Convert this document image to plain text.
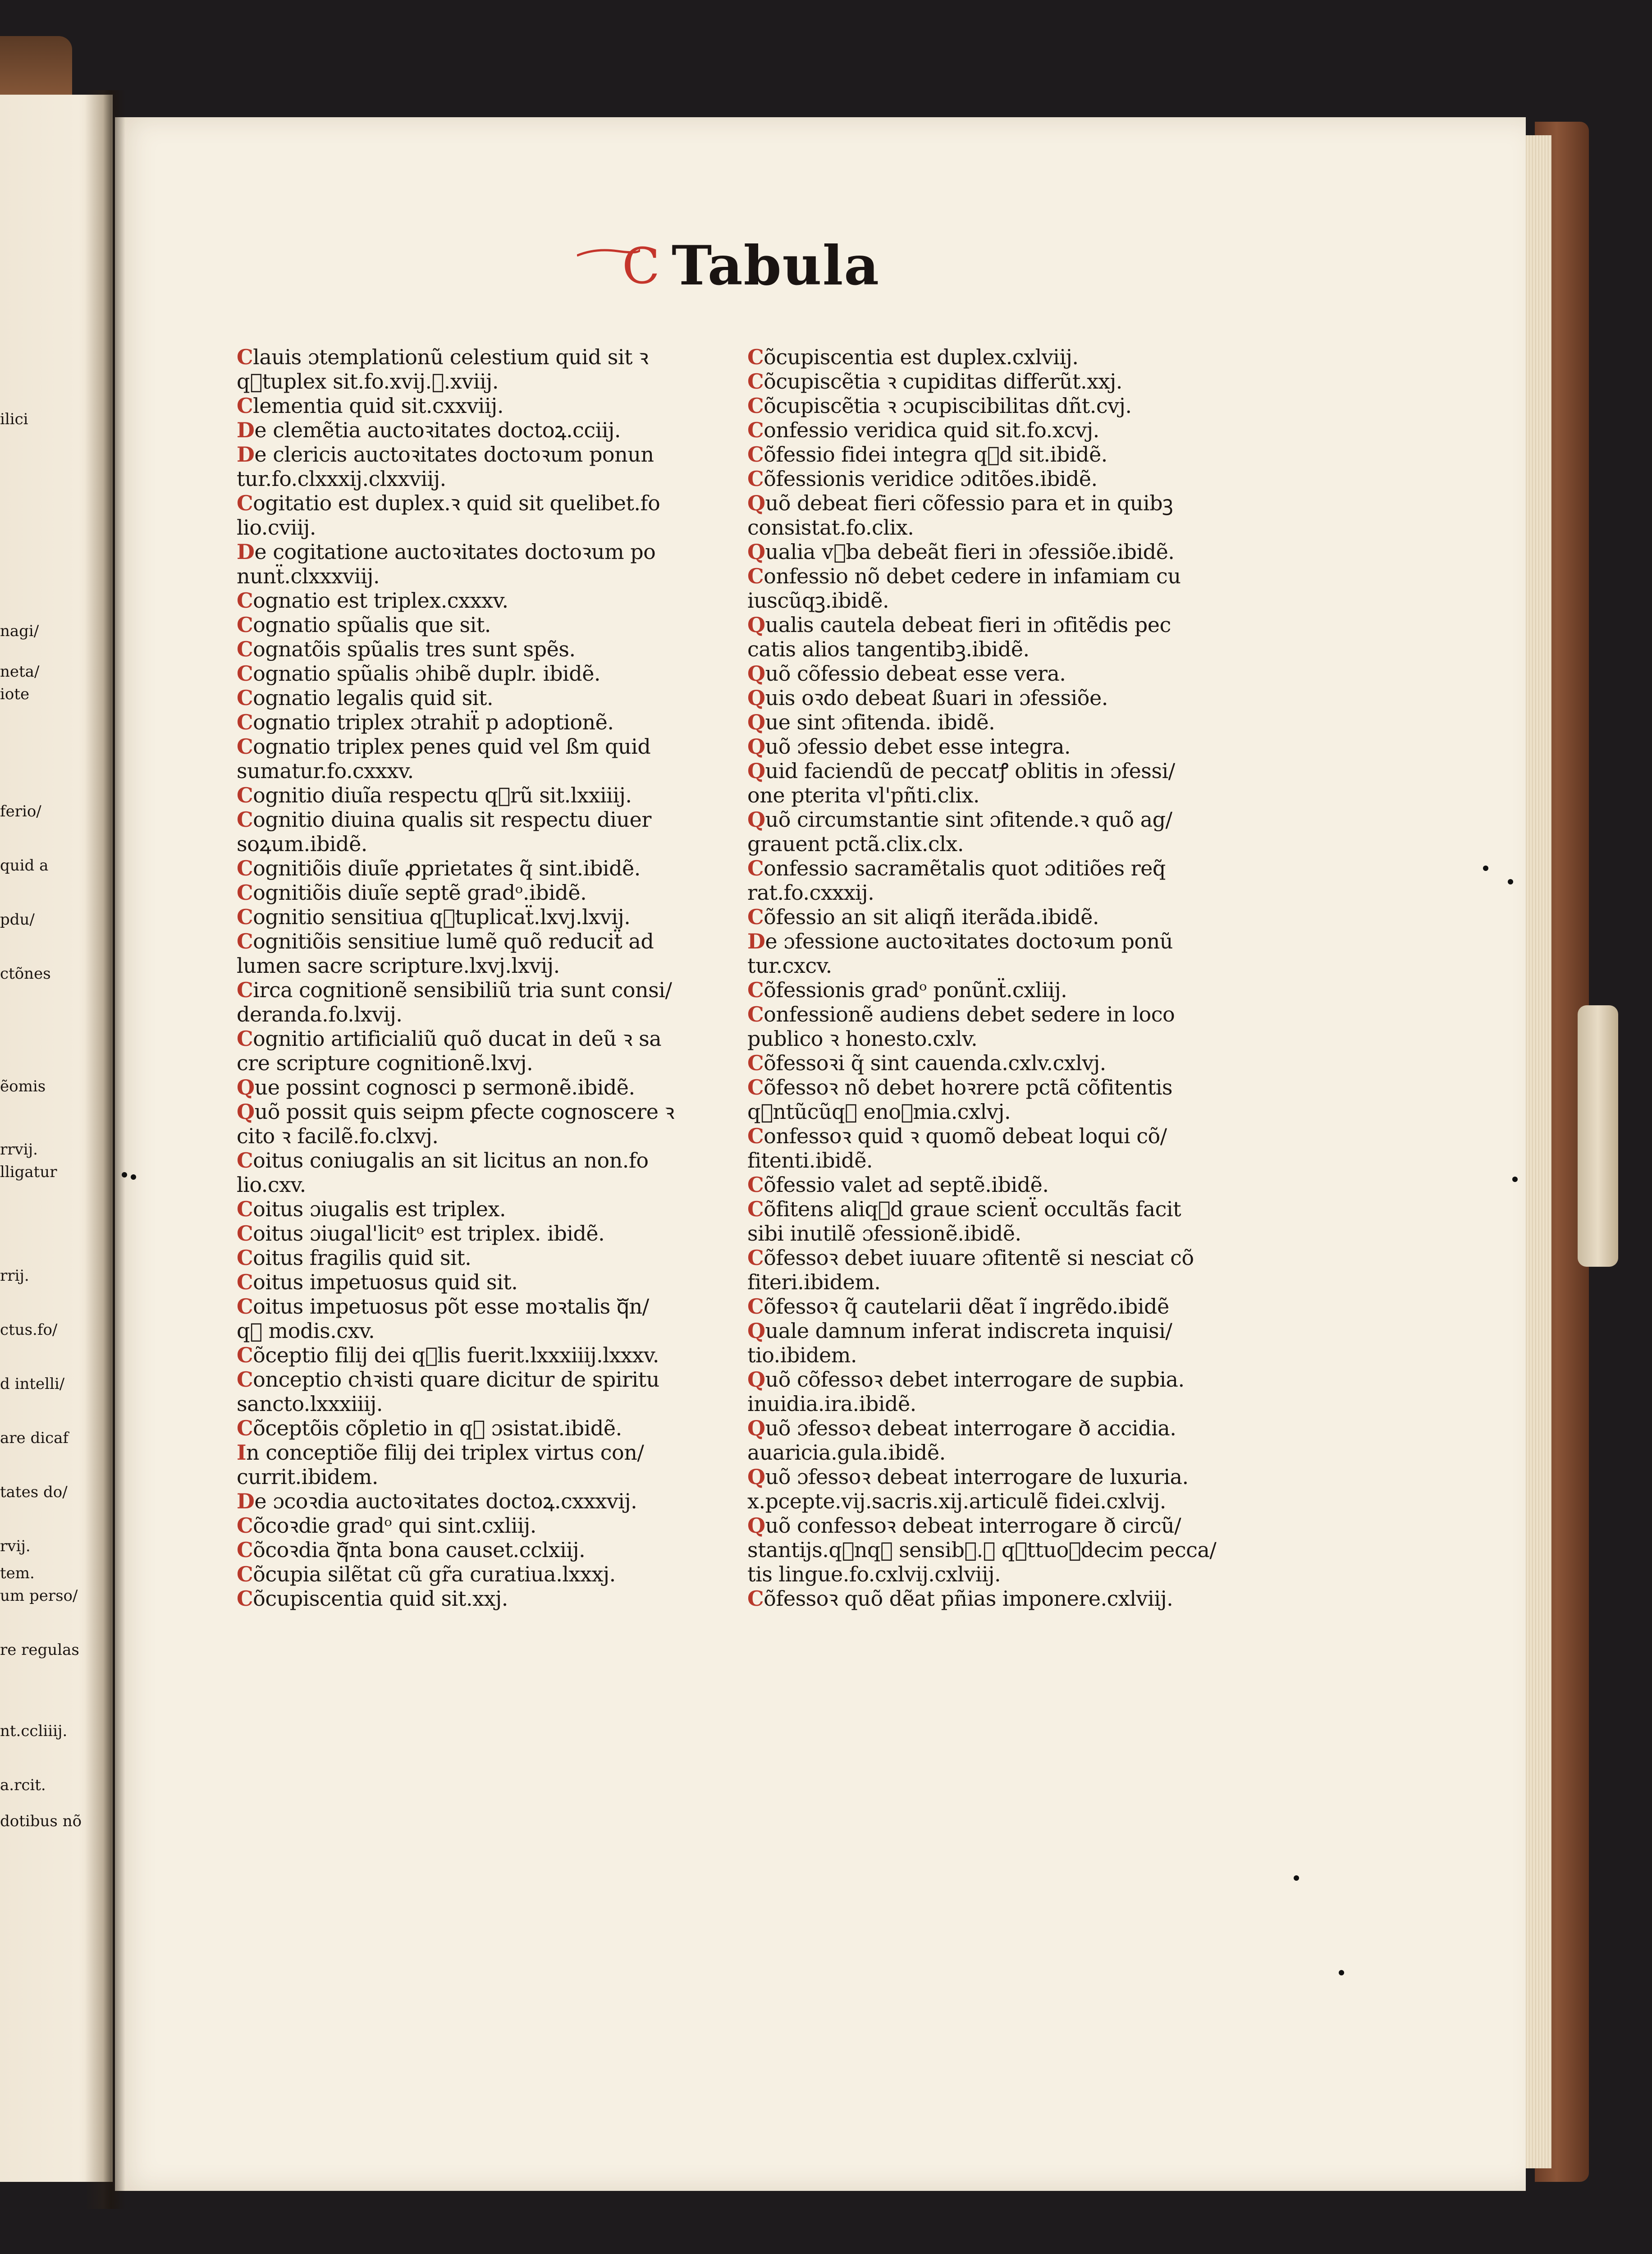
ilici
nagi/
neta/
iote
ferio/
quid a
pdu/
ctõnes
ẽomis
rrvij.
lligatur
rrij.
ctus.fo/
d intelli/
are dicaf
tates do/
rvij.
tem.
um perso/
re regulas
nt.ccliiij.
a.rcit.
dotibus nõ
C Tabula
Clauis ɔtemplationũ celestium quid sit ꝛ
qᷓtuplex sit.fo.xvij.ꝛ.xviij.
Clementia quid sit.cxxviij.
De clemẽtia auctoꝛitates doctoꝝ.cciij.
De clericis auctoꝛitates doctoꝛum ponun
tur.fo.clxxxij.clxxviij.
Cogitatio est duplex.ꝛ quid sit quelibet.fo
lio.cviij.
De cogitatione auctoꝛitates doctoꝛum po
nunẗ.clxxxviij.
Cognatio est triplex.cxxxv.
Cognatio spũalis que sit.
Cognatõis spũalis tres sunt spẽs.
Cognatio spũalis ɔhibẽ duplr. ibidẽ.
Cognatio legalis quid sit.
Cognatio triplex ɔtrahiẗ p adoptionẽ.
Cognatio triplex penes quid vel ßm quid
sumatur.fo.cxxxv.
Cognitio diuĩa respectu qᷓrũ sit.lxxiiij.
Cognitio diuina qualis sit respectu diuer
soꝝum.ibidẽ.
Cognitiõis diuĩe ꝓprietates q̃ sint.ibidẽ.
Cognitiõis diuĩe septẽ gradᵒ.ibidẽ.
Cognitio sensitiua qᷓtuplicaẗ.lxvj.lxvij.
Cognitiõis sensitiue lumẽ quõ reduciẗ ad
lumen sacre scripture.lxvj.lxvij.
Circa cognitionẽ sensibiliũ tria sunt consi/
deranda.fo.lxvij.
Cognitio artificialiũ quõ ducat in deũ ꝛ sa
cre scripture cognitionẽ.lxvj.
Que possint cognosci p sermonẽ.ibidẽ.
Quõ possit quis seipm ꝑfecte cognoscere ꝛ
cito ꝛ facilẽ.fo.clxvj.
Coitus coniugalis an sit licitus an non.fo
lio.cxv.
Coitus ɔiugalis est triplex.
Coitus ɔiugal'licitᵒ est triplex. ibidẽ.
Coitus fragilis quid sit.
Coitus impetuosus quid sit.
Coitus impetuosus põt esse moꝛtalis qᷓn/
qᷓ modis.cxv.
Cõceptio filij dei qᷓlis fuerit.lxxxiiij.lxxxv.
Conceptio chꝛisti quare dicitur de spiritu
sancto.lxxxiiij.
Cõceptõis cõpletio in qᷓ ɔsistat.ibidẽ.
In conceptiõe filij dei triplex virtus con/
currit.ibidem.
De ɔcoꝛdia auctoꝛitates doctoꝝ.cxxxvij.
Cõcoꝛdie gradᵒ qui sint.cxliij.
Cõcoꝛdia qᷓnta bona causet.cclxiij.
Cõcupia silẽtat cũ gr̃a curatiua.lxxxj.
Cõcupiscentia quid sit.xxj.
Cõcupiscentia est duplex.cxlviij.
Cõcupiscẽtia ꝛ cupiditas differũt.xxj.
Cõcupiscẽtia ꝛ ɔcupiscibilitas dñt.cvj.
Confessio veridica quid sit.fo.xcvj.
Cõfessio fidei integra qᷓd sit.ibidẽ.
Cõfessionis veridice ɔditões.ibidẽ.
Quõ debeat fieri cõfessio para et in quibꝫ
consistat.fo.clix.
Qualia vᷓba debeãt fieri in ɔfessiõe.ibidẽ.
Confessio nõ debet cedere in infamiam cu
iuscũqꝫ.ibidẽ.
Qualis cautela debeat fieri in ɔfitẽdis pec
catis alios tangentibꝫ.ibidẽ.
Quõ cõfessio debeat esse vera.
Quis oꝛdo debeat ßuari in ɔfessiõe.
Que sint ɔfitenda. ibidẽ.
Quõ ɔfessio debet esse integra.
Quid faciendũ de peccatꝭ oblitis in ɔfessi/
one pterita vl'pñti.clix.
Quõ circumstantie sint ɔfitende.ꝛ quõ ag/
grauent pctã.clix.clx.
Confessio sacramẽtalis quot ɔditiões req̃
rat.fo.cxxxij.
Cõfessio an sit aliqñ iterãda.ibidẽ.
De ɔfessione auctoꝛitates doctoꝛum ponũ
tur.cxcv.
Cõfessionis gradᵒ ponũnẗ.cxliij.
Confessionẽ audiens debet sedere in loco
publico ꝛ honesto.cxlv.
Cõfessoꝛi q̃ sint cauenda.cxlv.cxlvj.
Cõfessoꝛ nõ debet hoꝛrere pctã cõfitentis
qᷓntũcũqꝫ enoꝛmia.cxlvj.
Confessoꝛ quid ꝛ quomõ debeat loqui cõ/
fitenti.ibidẽ.
Cõfessio valet ad septẽ.ibidẽ.
Cõfitens aliqᷓd graue scienẗ occultãs facit
sibi inutilẽ ɔfessionẽ.ibidẽ.
Cõfessoꝛ debet iuuare ɔfitentẽ si nesciat cõ
fiteri.ibidem.
Cõfessoꝛ q̃ cautelarii dẽat ĩ ingrẽdo.ibidẽ
Quale damnum inferat indiscreta inquisi/
tio.ibidem.
Quõ cõfessoꝛ debet interrogare de supbia.
inuidia.ira.ibidẽ.
Quõ ɔfessoꝛ debeat interrogare ð accidia.
auaricia.gula.ibidẽ.
Quõ ɔfessoꝛ debeat interrogare de luxuria.
x.pcepte.vij.sacris.xij.articulẽ fidei.cxlvij.
Quõ confessoꝛ debeat interrogare ð circũ/
stantijs.qᷓnqꝫ sensibꝫ.ꝛ qᷓttuoꝛdecim pecca/
tis lingue.fo.cxlvij.cxlviij.
Cõfessoꝛ quõ dẽat pñias imponere.cxlviij.
